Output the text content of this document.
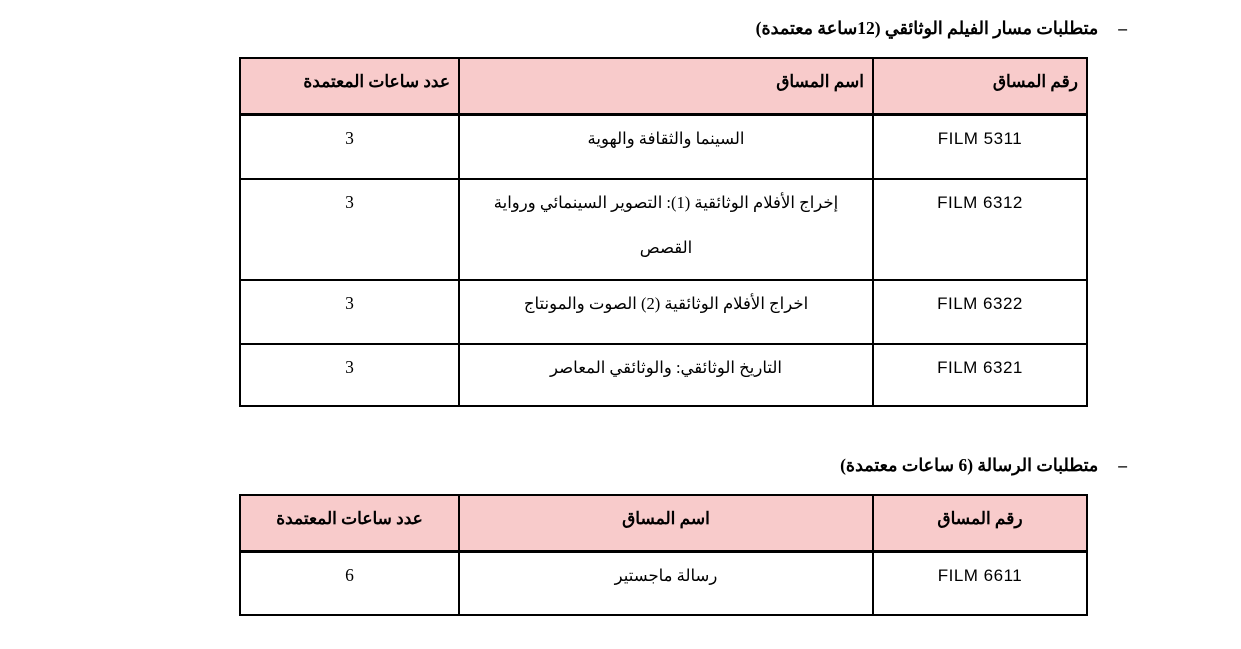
–
متطلبات مسار الفيلم الوثائقي (12ساعة معتمدة)
رقم المساق	اسم المساق	عدد ساعات المعتمدة
FILM 5311	السينما والثقافة والهوية	3
FILM 6312	إخراج الأفلام الوثائقية (1): التصوير السينمائي ورواية القصص	3
FILM 6322	اخراج الأفلام الوثائقية (2) الصوت والمونتاج	3
FILM 6321	التاريخ الوثائقي: والوثائقي المعاصر	3
–
متطلبات الرسالة (6 ساعات معتمدة)
رقم المساق	اسم المساق	عدد ساعات المعتمدة
FILM 6611	رسالة ماجستير	6
